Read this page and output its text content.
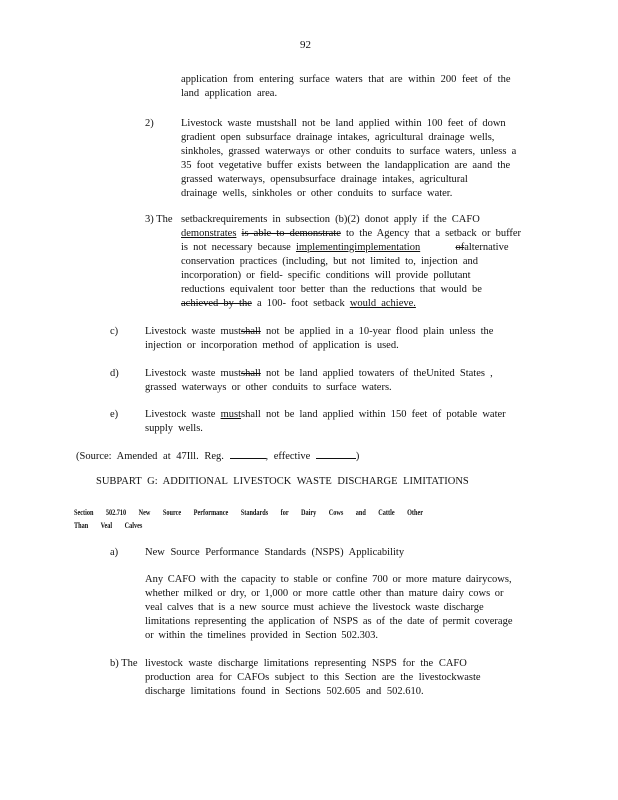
92
application from entering surface waters that are within 200 feet of the
land application area.
2)	Livestock waste mustshall not be land applied within 100 feet of down
gradient open subsurface drainage intakes, agricultural drainage wells,
sinkholes, grassed waterways or other conduits to surface waters, unless a
35 foot vegetative buffer exists between the landapplication are aand the
grassed waterways, opensubsurface drainage intakes, agricultural
drainage wells, sinkholes or other conduits to surface water.
3) The setbackrequirements in subsection (b)(2) donot apply if the CAFO
demonstrates is able to demonstrate to the Agency that a setback or buffer
is not necessary because implementingimplementation	ofalternative
conservation practices (including, but not limited to, injection and
incorporation) or field- specific conditions will provide pollutant
reductions equivalent toor better than the reductions that would be
achieved by the a 100- foot setback would achieve.
c)	Livestock waste mustshall not be applied in a 10-year flood plain unless the
injection or incorporation method of application is used.
d)	Livestock waste mustshall not be land applied towaters of theUnited States ,
grassed waterways or other conduits to surface waters.
e)	Livestock waste mustshall not be land applied within 150 feet of potable water
supply wells.
(Source: Amended at 47Ill. Reg.	, effective	)
SUBPART G: ADDITIONAL LIVESTOCK WASTE DISCHARGE LIMITATIONS
Section 502.710 New Source Performance Standards for Dairy Cows and Cattle Other
Than Veal Calves
a)	New Source Performance Standards (NSPS) Applicability
Any CAFO with the capacity to stable or confine 700 or more mature dairycows,
whether milked or dry, or 1,000 or more cattle other than mature dairy cows or
veal calves that is a new source must achieve the livestock waste discharge
limitations representing the application of NSPS as of the date of permit coverage
or within the timelines provided in Section 502.303.
b) The livestock waste discharge limitations representing NSPS for the CAFO
production area for CAFOs subject to this Section are the livestockwaste
discharge limitations found in Sections 502.605 and 502.610.
